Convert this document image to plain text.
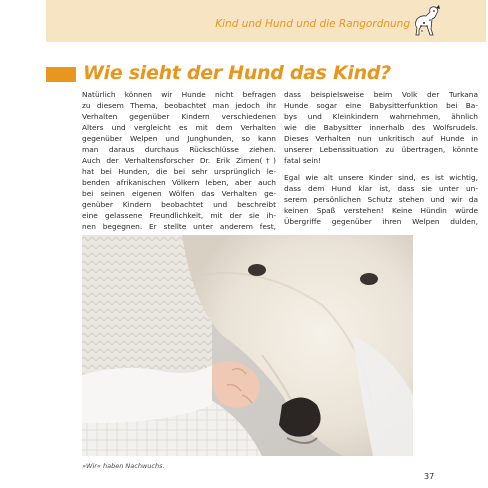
Kind und Hund und die Rangordnung
Wie sieht der Hund das Kind?

Natürlich können wir Hunde nicht befragen
zu diesem Thema, beobachtet man jedoch ihr
Verhalten gegenüber Kindern verschiedenen
Alters und vergleicht es mit dem Verhalten
gegenüber Welpen und Junghunden, so kann
man daraus durchaus Rückschlüsse ziehen.
Auch der Verhaltensforscher Dr. Erik Zimen(†)
hat bei Hunden, die bei sehr ursprünglich le-
benden afrikanischen Völkern leben, aber auch
bei seinen eigenen Wölfen das Verhalten ge-
genüber Kindern beobachtet und beschreibt
eine gelassene Freundlichkeit, mit der sie ih-
nen begegnen. Er stellte unter anderem fest,

dass beispielsweise beim Volk der Turkana
Hunde sogar eine Babysitterfunktion bei Ba-
bys und Kleinkindern wahrnehmen, ähnlich
wie die Babysitter innerhalb des Wolfsrudels.
Dieses Verhalten nun unkritisch auf Hunde in
unserer Lebenssituation zu übertragen, könnte
fatal sein!

Egal wie alt unsere Kinder sind, es ist wichtig,
dass dem Hund klar ist, dass sie unter un-
serem persönlichen Schutz stehen und wir da
keinen Spaß verstehen! Keine Hündin würde
Übergriffe gegenüber ihren Welpen dulden,

»Wir« haben Nachwuchs.
37
